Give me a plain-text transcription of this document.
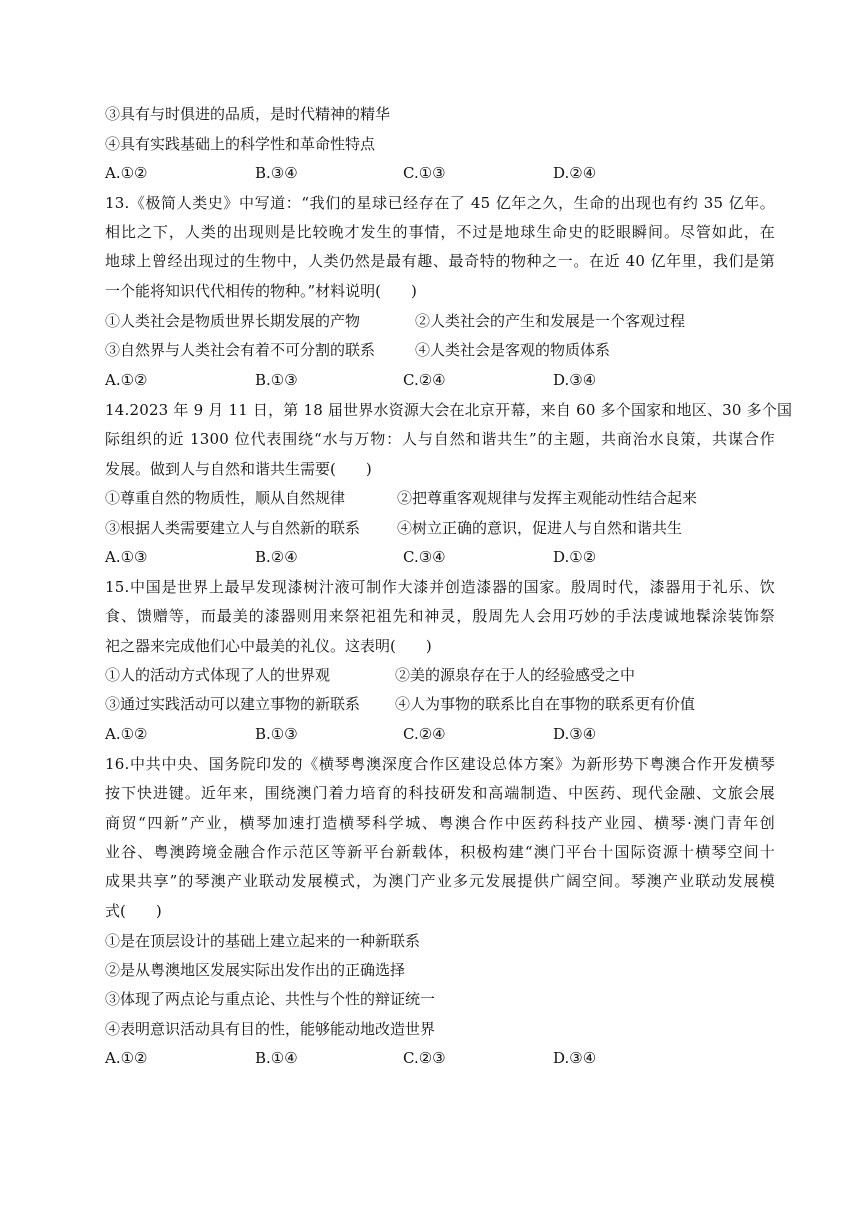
③具有与时俱进的品质，是时代精神的精华
④具有实践基础上的科学性和革命性特点
A.①②	B.③④	C.①③	D.②④
13.《极简人类史》中写道：“我们的星球已经存在了 45 亿年之久，生命的出现也有约 35 亿年。
相比之下，人类的出现则是比较晚才发生的事情，不过是地球生命史的眨眼瞬间。尽管如此，在
地球上曾经出现过的生物中，人类仍然是最有趣、最奇特的物种之一。在近 40 亿年里，我们是第
一个能将知识代代相传的物种。”材料说明(　　)
①人类社会是物质世界长期发展的产物	②人类社会的产生和发展是一个客观过程
③自然界与人类社会有着不可分割的联系	④人类社会是客观的物质体系
A.①②	B.①③	C.②④	D.③④
14.2023 年 9 月 11 日，第 18 届世界水资源大会在北京开幕，来自 60 多个国家和地区、30 多个国
际组织的近 1300 位代表围绕“水与万物：人与自然和谐共生”的主题，共商治水良策，共谋合作
发展。做到人与自然和谐共生需要(　　)
①尊重自然的物质性，顺从自然规律	②把尊重客观规律与发挥主观能动性结合起来
③根据人类需要建立人与自然新的联系 ④树立正确的意识，促进人与自然和谐共生
A.①③	B.②④	C.③④	D.①②
15.中国是世界上最早发现漆树汁液可制作大漆并创造漆器的国家。殷周时代，漆器用于礼乐、饮
食、馈赠等，而最美的漆器则用来祭祀祖先和神灵，殷周先人会用巧妙的手法虔诚地髹涂装饰祭
祀之器来完成他们心中最美的礼仪。这表明(　　)
①人的活动方式体现了人的世界观	②美的源泉存在于人的经验感受之中
③通过实践活动可以建立事物的新联系 ④人为事物的联系比自在事物的联系更有价值
A.①②	B.①③	C.②④	D.③④
16.中共中央、国务院印发的《横琴粤澳深度合作区建设总体方案》为新形势下粤澳合作开发横琴
按下快进键。近年来，围绕澳门着力培育的科技研发和高端制造、中医药、现代金融、文旅会展
商贸“四新”产业，横琴加速打造横琴科学城、粤澳合作中医药科技产业园、横琴·澳门青年创
业谷、粤澳跨境金融合作示范区等新平台新载体，积极构建“澳门平台十国际资源十横琴空间十
成果共享”的琴澳产业联动发展模式，为澳门产业多元发展提供广阔空间。琴澳产业联动发展模
式(　　)
①是在顶层设计的基础上建立起来的一种新联系
②是从粤澳地区发展实际出发作出的正确选择
③体现了两点论与重点论、共性与个性的辩证统一
④表明意识活动具有目的性，能够能动地改造世界
A.①②	B.①④	C.②③	D.③④
